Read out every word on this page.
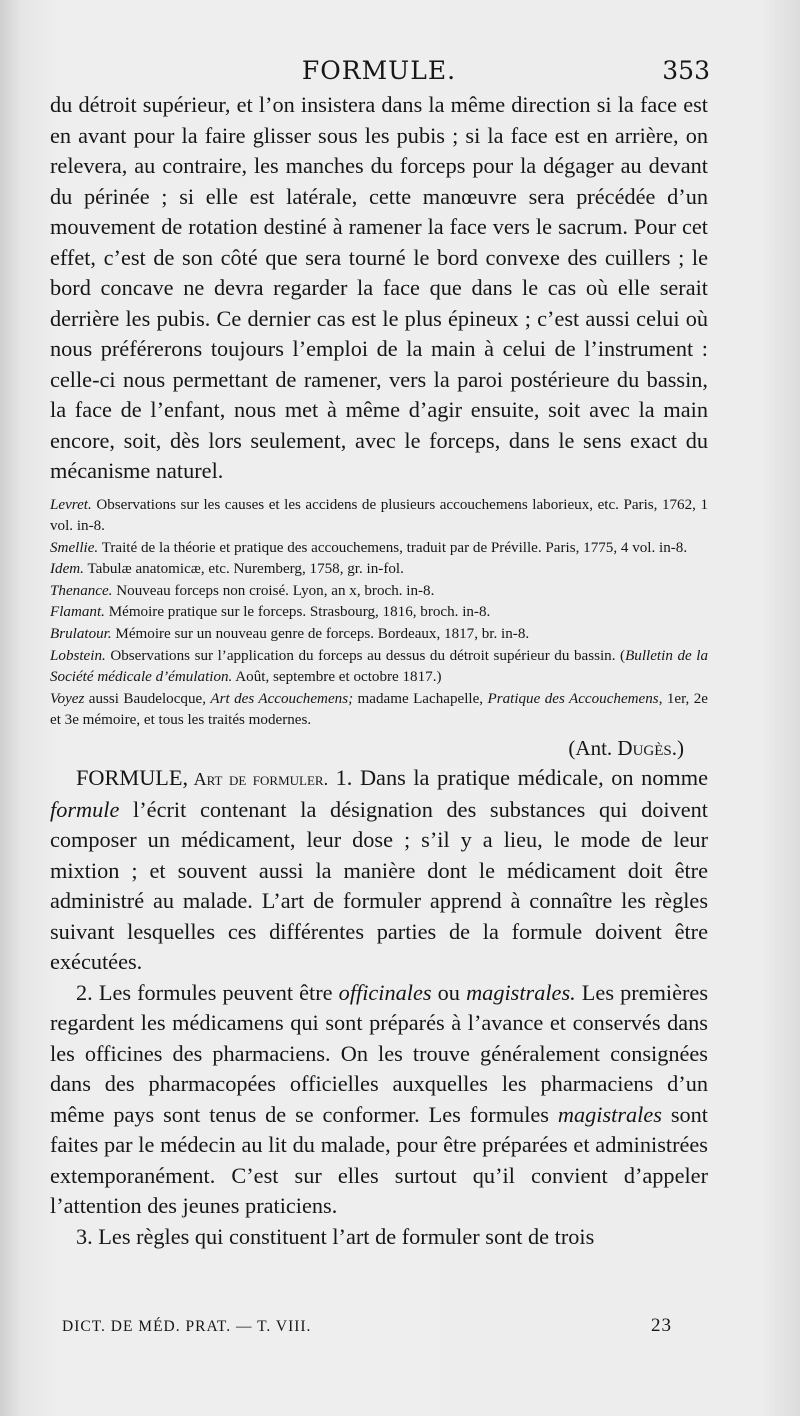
FORMULE.	353

du détroit supérieur, et l’on insistera dans la même direction si la face est en avant pour la faire glisser sous les pubis ; si la face est en arrière, on relevera, au contraire, les manches du forceps pour la dégager au devant du périnée ; si elle est latérale, cette manœuvre sera précédée d’un mouvement de rotation destiné à ramener la face vers le sacrum. Pour cet effet, c’est de son côté que sera tourné le bord convexe des cuillers ; le bord concave ne devra regarder la face que dans le cas où elle serait derrière les pubis. Ce dernier cas est le plus épineux ; c’est aussi celui où nous préférerons toujours l’emploi de la main à celui de l’instrument : celle-ci nous permettant de ramener, vers la paroi postérieure du bassin, la face de l’enfant, nous met à même d’agir ensuite, soit avec la main encore, soit, dès lors seulement, avec le forceps, dans le sens exact du mécanisme naturel.

Levret. Observations sur les causes et les accidens de plusieurs accouchemens laborieux, etc. Paris, 1762, 1 vol. in-8.

Smellie. Traité de la théorie et pratique des accouchemens, traduit par de Préville. Paris, 1775, 4 vol. in-8.

Idem. Tabulæ anatomicæ, etc. Nuremberg, 1758, gr. in-fol.

Thenance. Nouveau forceps non croisé. Lyon, an x, broch. in-8.

Flamant. Mémoire pratique sur le forceps. Strasbourg, 1816, broch. in-8.

Brulatour. Mémoire sur un nouveau genre de forceps. Bordeaux, 1817, br. in-8.

Lobstein. Observations sur l’application du forceps au dessus du détroit supérieur du bassin. (Bulletin de la Société médicale d’émulation. Août, septembre et octobre 1817.)

Voyez aussi Baudelocque, Art des Accouchemens; madame Lachapelle, Pratique des Accouchemens, 1er, 2e et 3e mémoire, et tous les traités modernes.

(Ant. Dugès.)

FORMULE, Art de formuler. 1. Dans la pratique médicale, on nomme formule l’écrit contenant la désignation des substances qui doivent composer un médicament, leur dose ; s’il y a lieu, le mode de leur mixtion ; et souvent aussi la manière dont le médicament doit être administré au malade. L’art de formuler apprend à connaître les règles suivant lesquelles ces différentes parties de la formule doivent être exécutées.

2. Les formules peuvent être officinales ou magistrales. Les premières regardent les médicamens qui sont préparés à l’avance et conservés dans les officines des pharmaciens. On les trouve généralement consignées dans des pharmacopées officielles auxquelles les pharmaciens d’un même pays sont tenus de se conformer. Les formules magistrales sont faites par le médecin au lit du malade, pour être préparées et administrées extemporanément. C’est sur elles surtout qu’il convient d’appeler l’attention des jeunes praticiens.

3. Les règles qui constituent l’art de formuler sont de trois

DICT. DE MÉD. PRAT. — T. VIII.	23
